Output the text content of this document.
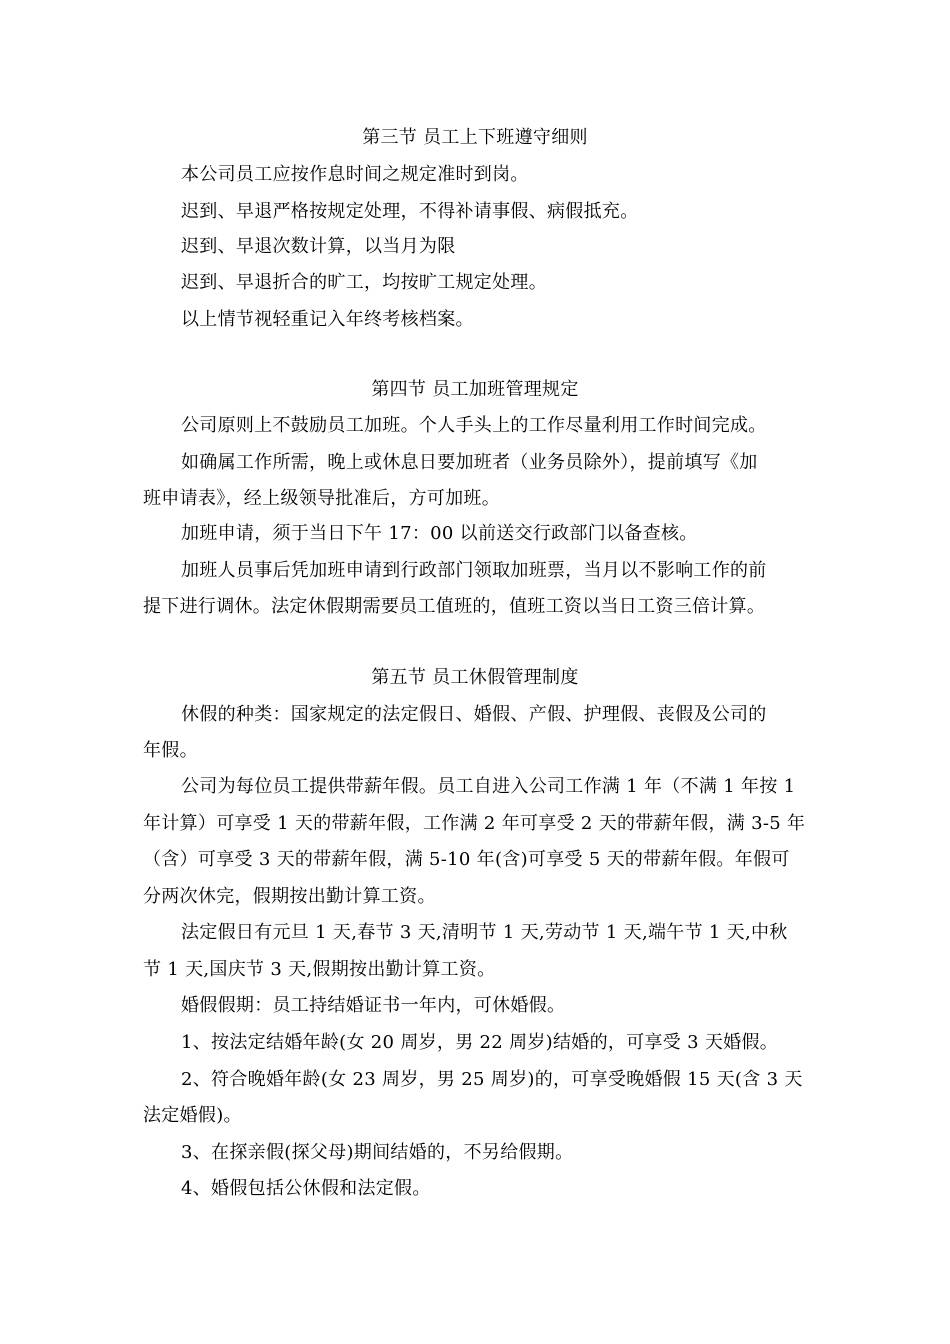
第三节 员工上下班遵守细则
本公司员工应按作息时间之规定准时到岗。
迟到、早退严格按规定处理，不得补请事假、病假抵充。
迟到、早退次数计算，以当月为限
迟到、早退折合的旷工，均按旷工规定处理。
以上情节视轻重记入年终考核档案。
第四节 员工加班管理规定
公司原则上不鼓励员工加班。个人手头上的工作尽量利用工作时间完成。
如确属工作所需，晚上或休息日要加班者（业务员除外），提前填写《加
班申请表》，经上级领导批准后，方可加班。
加班申请，须于当日下午 17：00 以前送交行政部门以备查核。
加班人员事后凭加班申请到行政部门领取加班票，当月以不影响工作的前
提下进行调休。法定休假期需要员工值班的，值班工资以当日工资三倍计算。
第五节 员工休假管理制度
休假的种类：国家规定的法定假日、婚假、产假、护理假、丧假及公司的
年假。
公司为每位员工提供带薪年假。员工自进入公司工作满 1 年（不满 1 年按 1
年计算）可享受 1 天的带薪年假，工作满 2 年可享受 2 天的带薪年假，满 3-5 年
（含）可享受 3 天的带薪年假，满 5-10 年(含)可享受 5 天的带薪年假。年假可
分两次休完，假期按出勤计算工资。
法定假日有元旦 1 天,春节 3 天,清明节 1 天,劳动节 1 天,端午节 1 天,中秋
节 1 天,国庆节 3 天,假期按出勤计算工资。
婚假假期：员工持结婚证书一年内，可休婚假。
1、按法定结婚年龄(女 20 周岁，男 22 周岁)结婚的，可享受 3 天婚假。
2、符合晚婚年龄(女 23 周岁，男 25 周岁)的，可享受晚婚假 15 天(含 3 天
法定婚假)。
3、在探亲假(探父母)期间结婚的，不另给假期。
4、婚假包括公休假和法定假。
